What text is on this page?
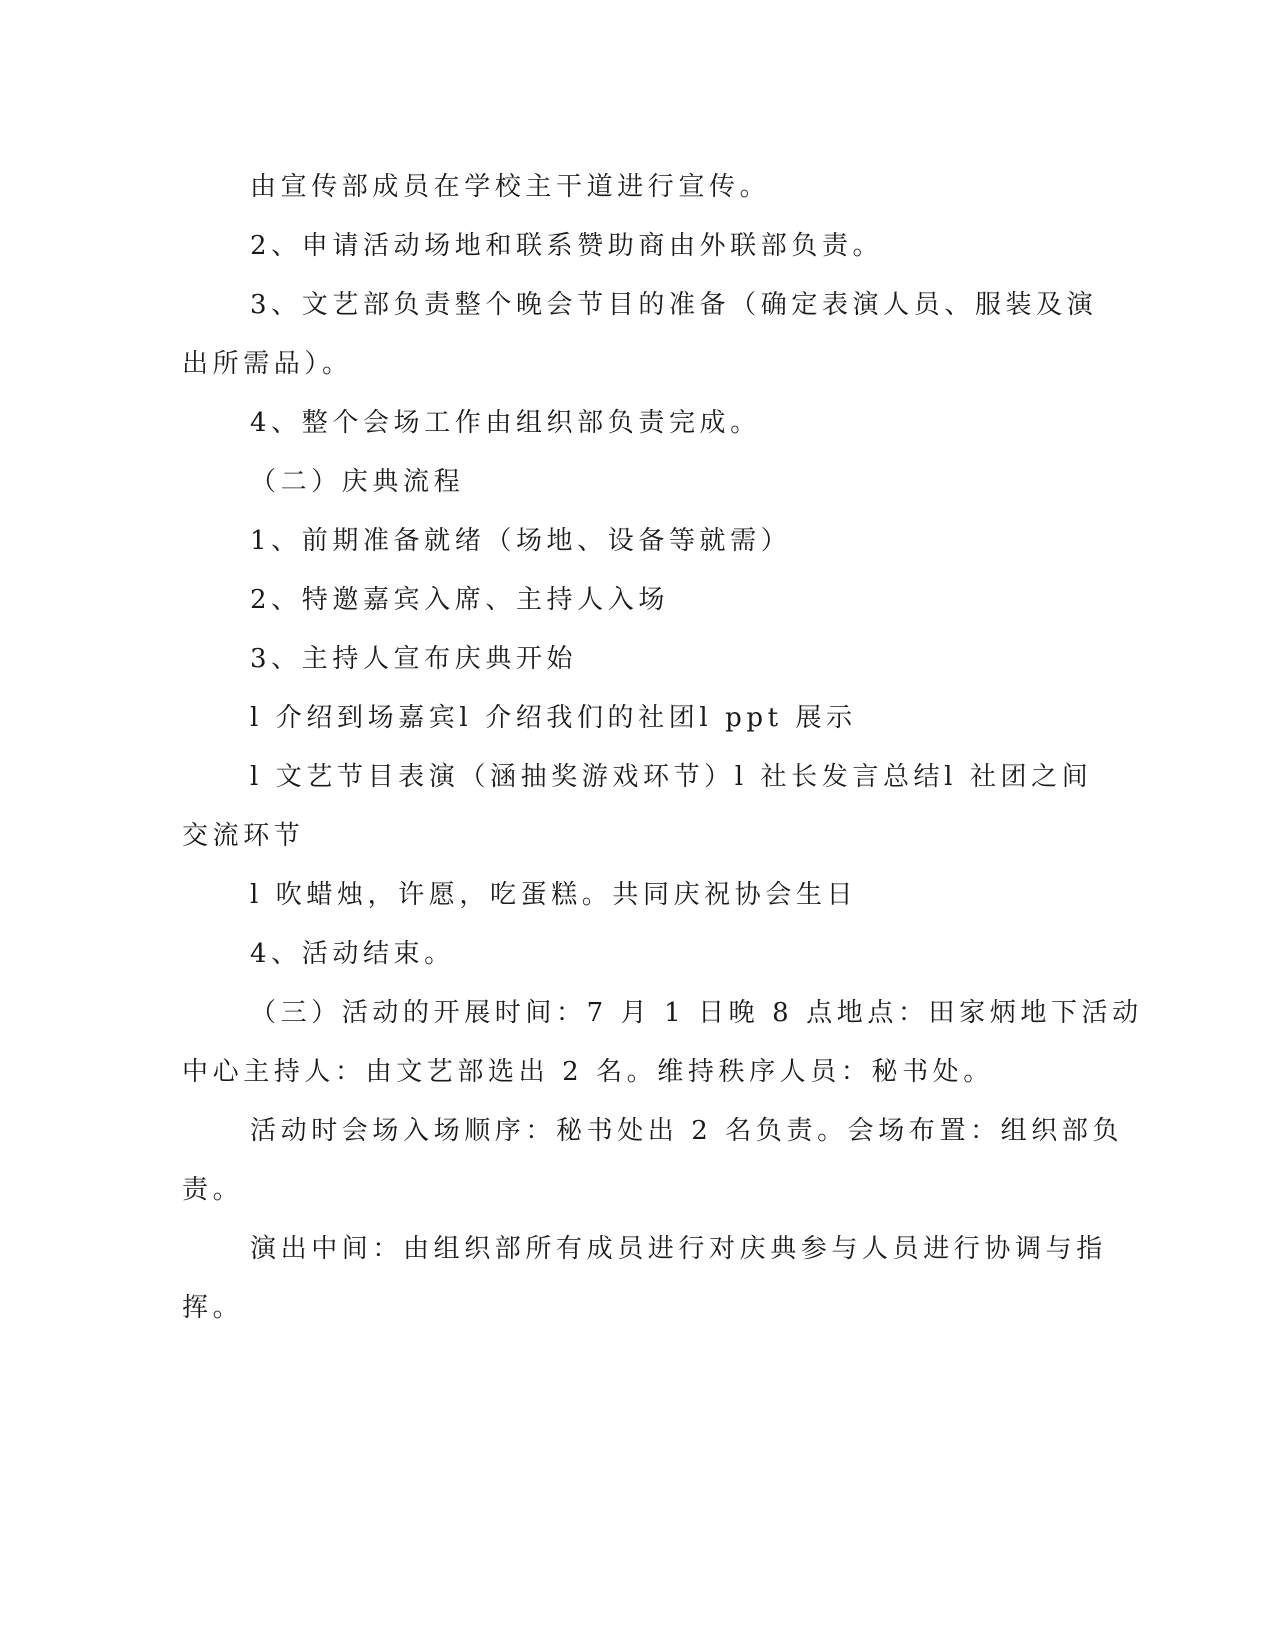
由宣传部成员在学校主干道进行宣传。
2、申请活动场地和联系赞助商由外联部负责。
3、文艺部负责整个晚会节目的准备（确定表演人员、服装及演
出所需品）。
4、整个会场工作由组织部负责完成。
（二）庆典流程
1、前期准备就绪（场地、设备等就需）
2、特邀嘉宾入席、主持人入场
3、主持人宣布庆典开始
l 介绍到场嘉宾l 介绍我们的社团l ppt 展示
l 文艺节目表演（涵抽奖游戏环节）l 社长发言总结l 社团之间
交流环节
l 吹蜡烛，许愿，吃蛋糕。共同庆祝协会生日
4、活动结束。
（三）活动的开展时间：7 月 1 日晚 8 点地点：田家炳地下活动
中心主持人：由文艺部选出 2 名。维持秩序人员：秘书处。
活动时会场入场顺序：秘书处出 2 名负责。会场布置：组织部负
责。
演出中间：由组织部所有成员进行对庆典参与人员进行协调与指
挥。
